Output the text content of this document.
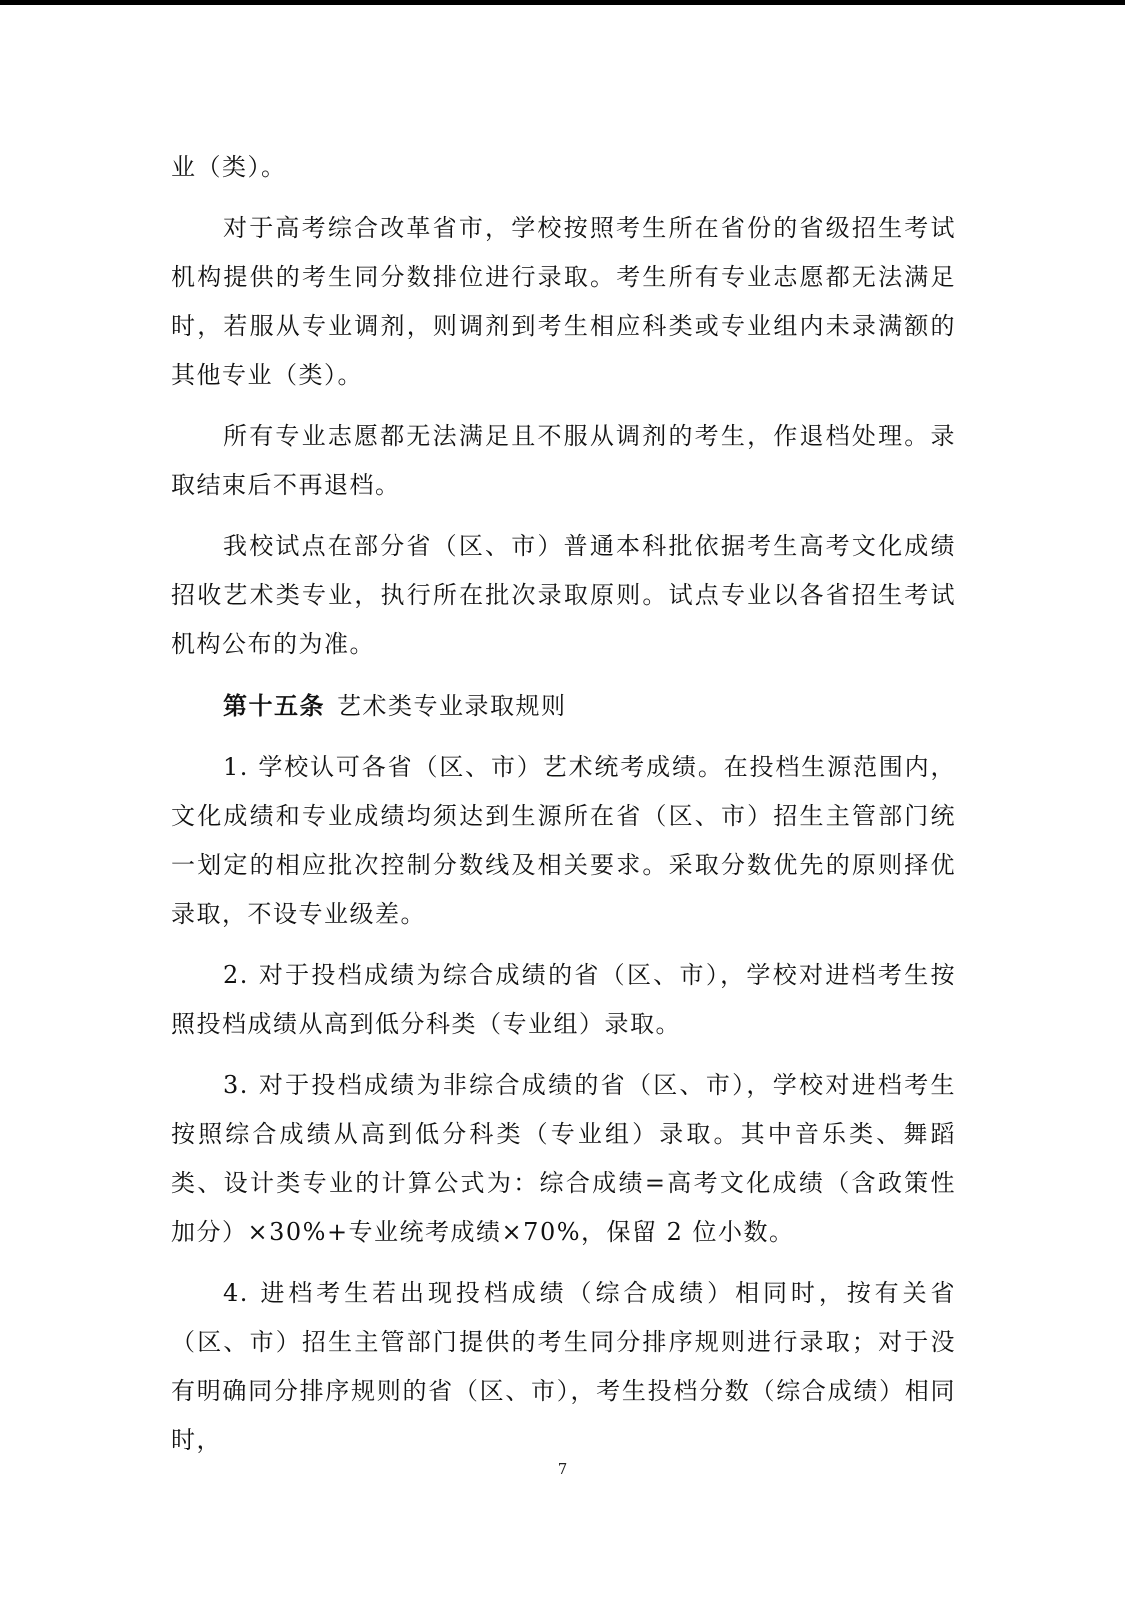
业（类）。

对于高考综合改革省市，学校按照考生所在省份的省级招生考试机构提供的考生同分数排位进行录取。考生所有专业志愿都无法满足时，若服从专业调剂，则调剂到考生相应科类或专业组内未录满额的其他专业（类）。

所有专业志愿都无法满足且不服从调剂的考生，作退档处理。录取结束后不再退档。

我校试点在部分省（区、市）普通本科批依据考生高考文化成绩招收艺术类专业，执行所在批次录取原则。试点专业以各省招生考试机构公布的为准。

第十五条 艺术类专业录取规则

1. 学校认可各省（区、市）艺术统考成绩。在投档生源范围内，文化成绩和专业成绩均须达到生源所在省（区、市）招生主管部门统一划定的相应批次控制分数线及相关要求。采取分数优先的原则择优录取，不设专业级差。

2. 对于投档成绩为综合成绩的省（区、市），学校对进档考生按照投档成绩从高到低分科类（专业组）录取。

3. 对于投档成绩为非综合成绩的省（区、市），学校对进档考生按照综合成绩从高到低分科类（专业组）录取。其中音乐类、舞蹈类、设计类专业的计算公式为：综合成绩=高考文化成绩（含政策性加分）×30%+专业统考成绩×70%，保留 2 位小数。

4. 进档考生若出现投档成绩（综合成绩）相同时，按有关省（区、市）招生主管部门提供的考生同分排序规则进行录取；对于没有明确同分排序规则的省（区、市），考生投档分数（综合成绩）相同时，

7
